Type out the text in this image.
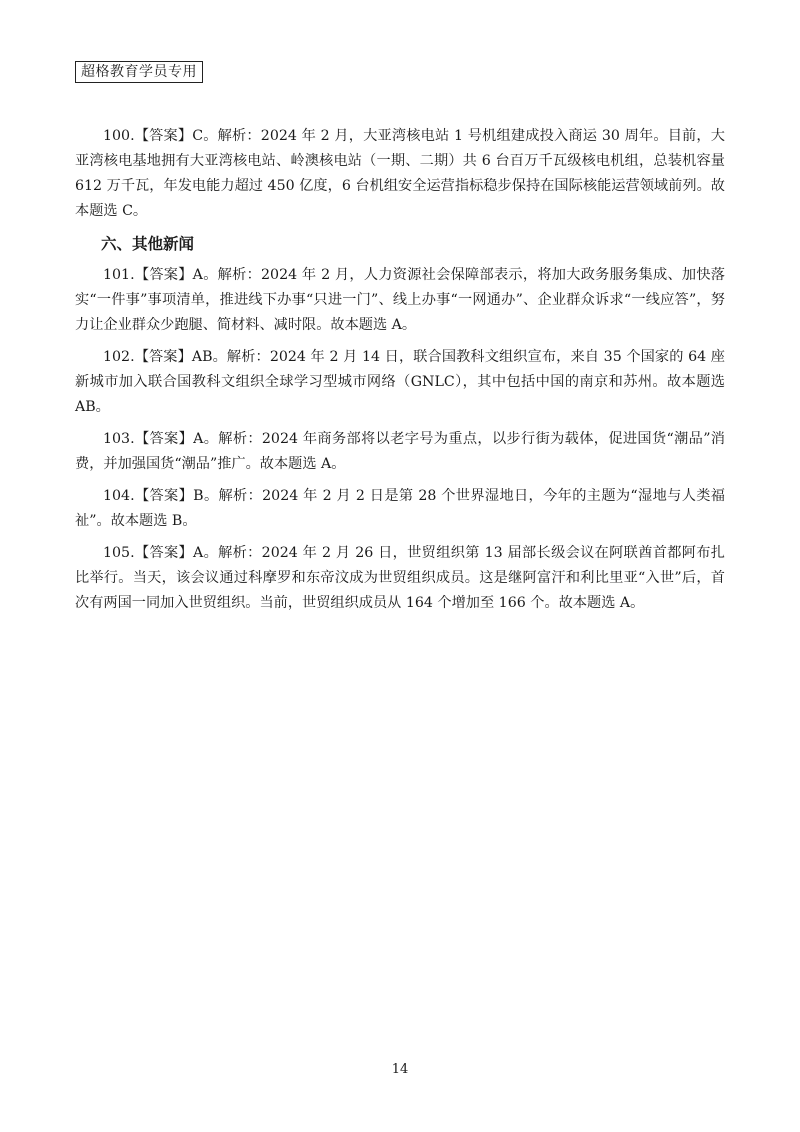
超格教育学员专用

100.【答案】C。解析：2024 年 2 月，大亚湾核电站 1 号机组建成投入商运 30 周年。目前，大亚湾核电基地拥有大亚湾核电站、岭澳核电站（一期、二期）共 6 台百万千瓦级核电机组，总装机容量 612 万千瓦，年发电能力超过 450 亿度，6 台机组安全运营指标稳步保持在国际核能运营领域前列。故本题选 C。

六、其他新闻

101.【答案】A。解析：2024 年 2 月，人力资源社会保障部表示，将加大政务服务集成、加快落实“一件事”事项清单，推进线下办事“只进一门”、线上办事“一网通办”、企业群众诉求“一线应答”，努力让企业群众少跑腿、简材料、减时限。故本题选 A。

102.【答案】AB。解析：2024 年 2 月 14 日，联合国教科文组织宣布，来自 35 个国家的 64 座新城市加入联合国教科文组织全球学习型城市网络（GNLC），其中包括中国的南京和苏州。故本题选 AB。

103.【答案】A。解析：2024 年商务部将以老字号为重点，以步行街为载体，促进国货“潮品”消费，并加强国货“潮品”推广。故本题选 A。

104.【答案】B。解析：2024 年 2 月 2 日是第 28 个世界湿地日，今年的主题为“湿地与人类福祉”。故本题选 B。

105.【答案】A。解析：2024 年 2 月 26 日，世贸组织第 13 届部长级会议在阿联酋首都阿布扎比举行。当天，该会议通过科摩罗和东帝汶成为世贸组织成员。这是继阿富汗和利比里亚“入世”后，首次有两国一同加入世贸组织。当前，世贸组织成员从 164 个增加至 166 个。故本题选 A。

14
